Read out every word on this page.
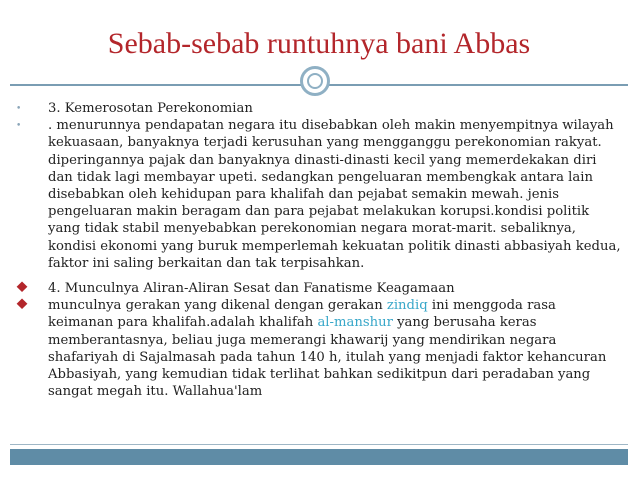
Sebab-sebab runtuhnya bani Abbas

• 3. Kemerosotan Perekonomian

• . menurunnya pendapatan negara itu disebabkan oleh makin menyempitnya wilayah kekuasaan, banyaknya terjadi kerusuhan yang mengganggu perekonomian rakyat. diperingannya pajak dan banyaknya dinasti-dinasti kecil yang memerdekakan diri dan tidak lagi membayar upeti. sedangkan pengeluaran membengkak antara lain disebabkan oleh kehidupan para khalifah dan pejabat semakin mewah. jenis pengeluaran makin beragam dan para pejabat melakukan korupsi.kondisi politik yang tidak stabil menyebabkan perekonomian negara morat-marit. sebaliknya, kondisi ekonomi yang buruk memperlemah kekuatan politik dinasti abbasiyah kedua, faktor ini saling berkaitan dan tak terpisahkan.

⯁ 4. Munculnya Aliran-Aliran Sesat dan Fanatisme Keagamaan

⯁ munculnya gerakan yang dikenal dengan gerakan zindiq ini menggoda rasa keimanan para khalifah.adalah khalifah al-manshur yang berusaha keras memberantasnya, beliau juga memerangi khawarij yang mendirikan negara shafariyah di Sajalmasah pada tahun 140 h, itulah yang menjadi faktor kehancuran Abbasiyah, yang kemudian tidak terlihat bahkan sedikitpun dari peradaban yang sangat megah itu. Wallahua'lam
